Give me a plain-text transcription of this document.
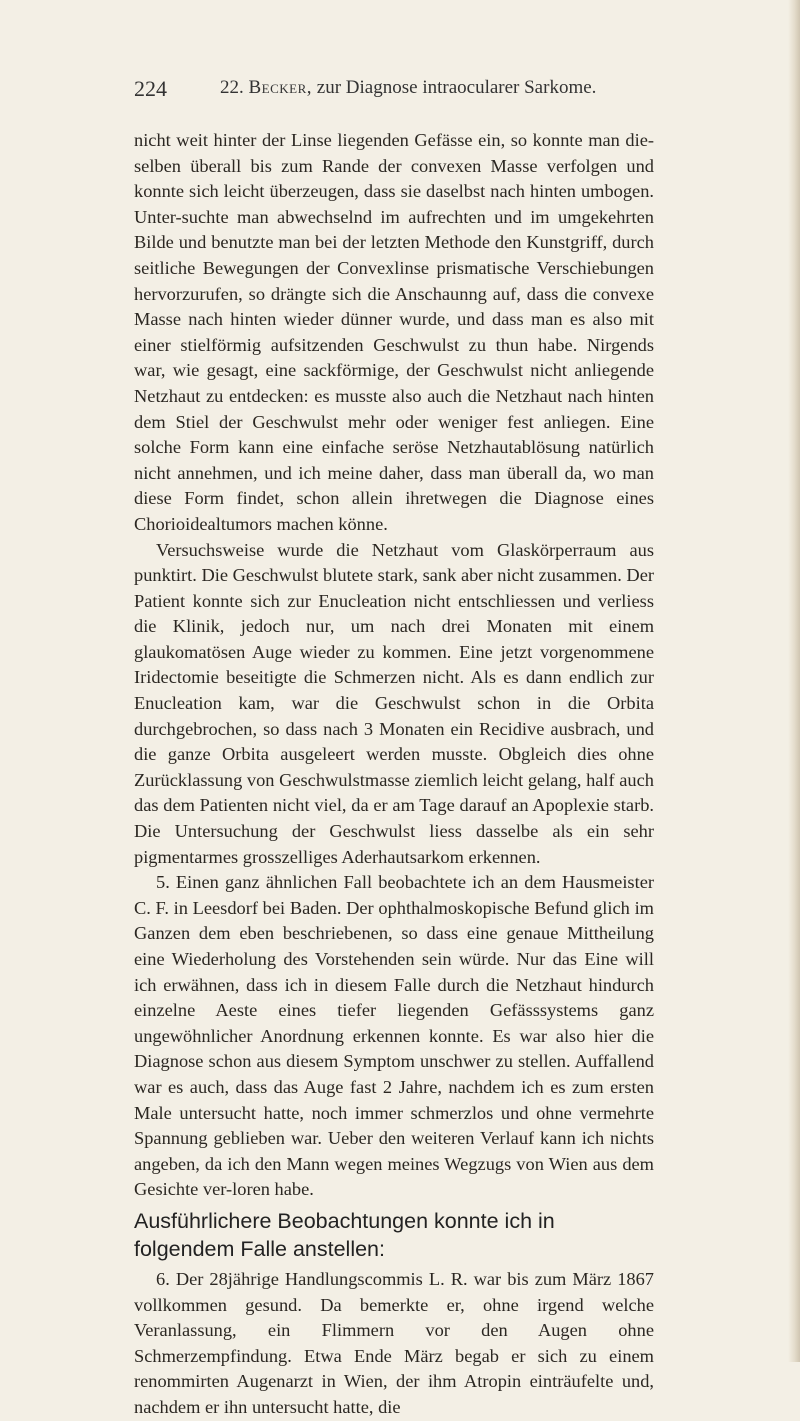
224	22. Becker, zur Diagnose intraocularer Sarkome.

nicht weit hinter der Linse liegenden Gefässe ein, so konnte man die-selben überall bis zum Rande der convexen Masse verfolgen und konnte sich leicht überzeugen, dass sie daselbst nach hinten umbogen. Unter-suchte man abwechselnd im aufrechten und im umgekehrten Bilde und benutzte man bei der letzten Methode den Kunstgriff, durch seitliche Bewegungen der Convexlinse prismatische Verschiebungen hervorzurufen, so drängte sich die Anschaunng auf, dass die convexe Masse nach hinten wieder dünner wurde, und dass man es also mit einer stielförmig aufsitzenden Geschwulst zu thun habe. Nirgends war, wie gesagt, eine sackförmige, der Geschwulst nicht anliegende Netzhaut zu entdecken: es musste also auch die Netzhaut nach hinten dem Stiel der Geschwulst mehr oder weniger fest anliegen. Eine solche Form kann eine einfache seröse Netzhautablösung natürlich nicht annehmen, und ich meine daher, dass man überall da, wo man diese Form findet, schon allein ihretwegen die Diagnose eines Chorioidealtumors machen könne.

Versuchsweise wurde die Netzhaut vom Glaskörperraum aus punktirt. Die Geschwulst blutete stark, sank aber nicht zusammen. Der Patient konnte sich zur Enucleation nicht entschliessen und verliess die Klinik, jedoch nur, um nach drei Monaten mit einem glaukomatösen Auge wieder zu kommen. Eine jetzt vorgenommene Iridectomie beseitigte die Schmerzen nicht. Als es dann endlich zur Enucleation kam, war die Geschwulst schon in die Orbita durchgebrochen, so dass nach 3 Monaten ein Recidive ausbrach, und die ganze Orbita ausgeleert werden musste. Obgleich dies ohne Zurücklassung von Geschwulstmasse ziemlich leicht gelang, half auch das dem Patienten nicht viel, da er am Tage darauf an Apoplexie starb. Die Untersuchung der Geschwulst liess dasselbe als ein sehr pigmentarmes grosszelliges Aderhautsarkom erkennen.

5. Einen ganz ähnlichen Fall beobachtete ich an dem Hausmeister C. F. in Leesdorf bei Baden. Der ophthalmoskopische Befund glich im Ganzen dem eben beschriebenen, so dass eine genaue Mittheilung eine Wiederholung des Vorstehenden sein würde. Nur das Eine will ich erwähnen, dass ich in diesem Falle durch die Netzhaut hindurch einzelne Aeste eines tiefer liegenden Gefässsystems ganz ungewöhnlicher Anordnung erkennen konnte. Es war also hier die Diagnose schon aus diesem Symptom unschwer zu stellen. Auffallend war es auch, dass das Auge fast 2 Jahre, nachdem ich es zum ersten Male untersucht hatte, noch immer schmerzlos und ohne vermehrte Spannung geblieben war. Ueber den weiteren Verlauf kann ich nichts angeben, da ich den Mann wegen meines Wegzugs von Wien aus dem Gesichte ver-loren habe.

Ausführlichere Beobachtungen konnte ich in folgendem Falle anstellen:

6. Der 28jährige Handlungscommis L. R. war bis zum März 1867 vollkommen gesund. Da bemerkte er, ohne irgend welche Veranlassung, ein Flimmern vor den Augen ohne Schmerzempfindung. Etwa Ende März begab er sich zu einem renommirten Augenarzt in Wien, der ihm Atropin einträufelte und, nachdem er ihn untersucht hatte, die
